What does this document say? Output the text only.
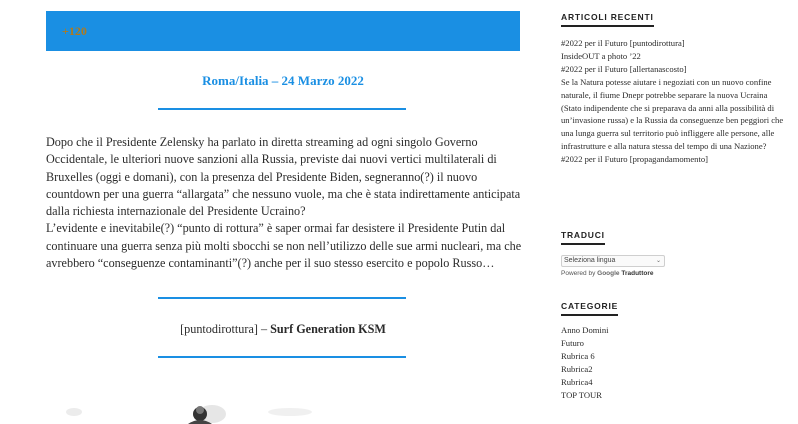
+120
Roma/Italia – 24 Marzo 2022

Dopo che il Presidente Zelensky ha parlato in diretta streaming ad ogni singolo Governo Occidentale, le ulteriori nuove sanzioni alla Russia, previste dai nuovi vertici multilaterali di Bruxelles (oggi e domani), con la presenza del Presidente Biden, segneranno(?) il nuovo countdown per una guerra “allargata” che nessuno vuole, ma che è stata indirettamente anticipata dalla richiesta internazionale del Presidente Ucraino?

L’evidente e inevitabile(?) “punto di rottura” è saper ormai far desistere il Presidente Putin dal continuare una guerra senza più molti sbocchi se non nell’utilizzo delle sue armi nucleari, ma che avrebbero “conseguenze contaminanti”(?) anche per il suo stesso esercito e popolo Russo…

[puntodirottura] – Surf Generation KSM
ARTICOLI RECENTI
#2022 per il Futuro [puntodirottura]
InsideOUT a photo ’22
#2022 per il Futuro [allertanascosto]
Se la Natura potesse aiutare i negoziati con un nuovo confine naturale, il fiume Dnepr potrebbe separare la nuova Ucraina (Stato indipendente che si preparava da anni alla possibilità di un’invasione russa) e la Russia da conseguenze ben peggiori che una lunga guerra sul territorio può infliggere alle persone, alle infrastrutture e alla natura stessa del tempo di una Nazione?
#2022 per il Futuro [propagandamomento]
TRADUCI
Seleziona lingua	⌄
Powered by Google Traduttore
CATEGORIE
Anno Domini
Futuro
Rubrica 6
Rubrica2
Rubrica4
TOP TOUR
